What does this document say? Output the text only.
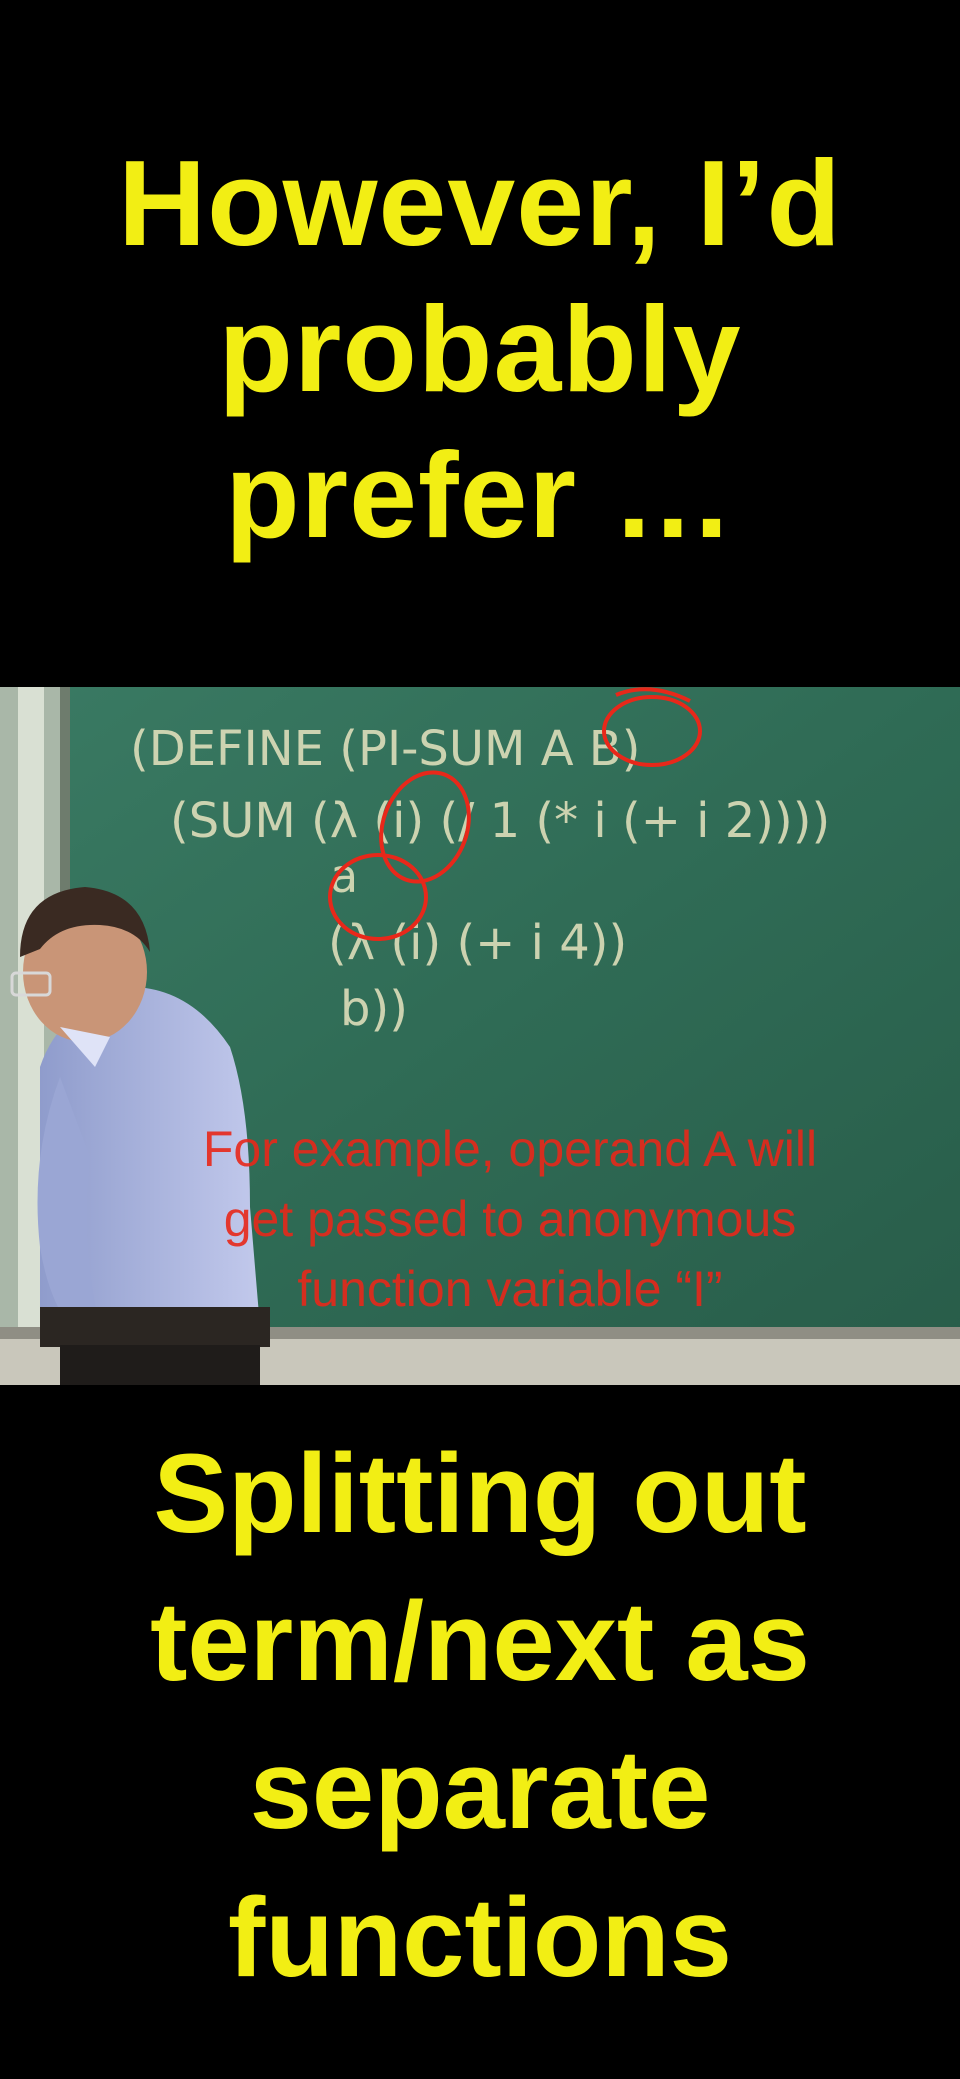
However, I’d
probably
prefer …
(DEFINE (PI-SUM A B)
(SUM (λ (i) (/ 1 (* i (+ i 2))))
a
(λ (i) (+ i 4))
b))
For example, operand A will
get passed to anonymous
function variable “I”
Splitting out
term/next as
separate
functions
